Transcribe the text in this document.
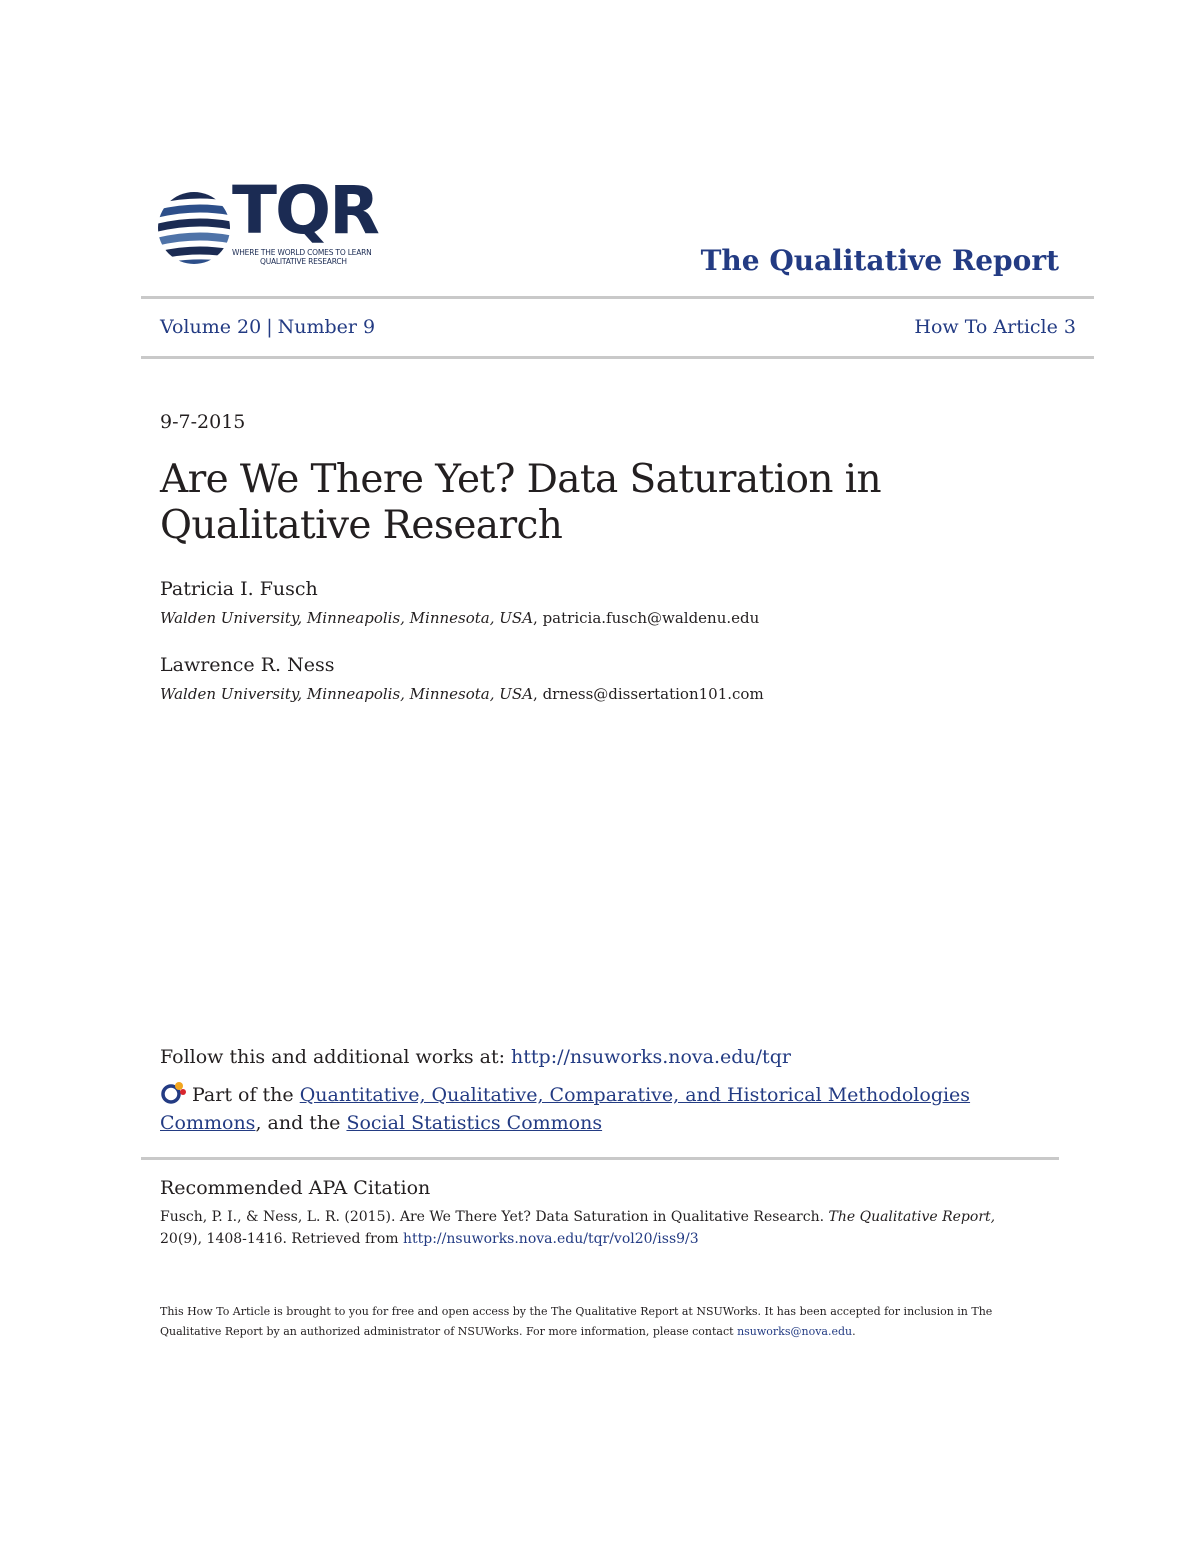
TQR
WHERE THE WORLD COMES TO LEARN
QUALITATIVE RESEARCH	The Qualitative Report
Volume 20 | Number 9	How To Article 3
9-7-2015
Are We There Yet? Data Saturation in Qualitative Research
Patricia I. Fusch
Walden University, Minneapolis, Minnesota, USA, patricia.fusch@waldenu.edu
Lawrence R. Ness
Walden University, Minneapolis, Minnesota, USA, drness@dissertation101.com
Follow this and additional works at: http://nsuworks.nova.edu/tqr
Part of the Quantitative, Qualitative, Comparative, and Historical Methodologies Commons, and the Social Statistics Commons
Recommended APA Citation
Fusch, P. I., & Ness, L. R. (2015). Are We There Yet? Data Saturation in Qualitative Research. The Qualitative Report, 20(9), 1408-1416. Retrieved from http://nsuworks.nova.edu/tqr/vol20/iss9/3
This How To Article is brought to you for free and open access by the The Qualitative Report at NSUWorks. It has been accepted for inclusion in The Qualitative Report by an authorized administrator of NSUWorks. For more information, please contact nsuworks@nova.edu.
